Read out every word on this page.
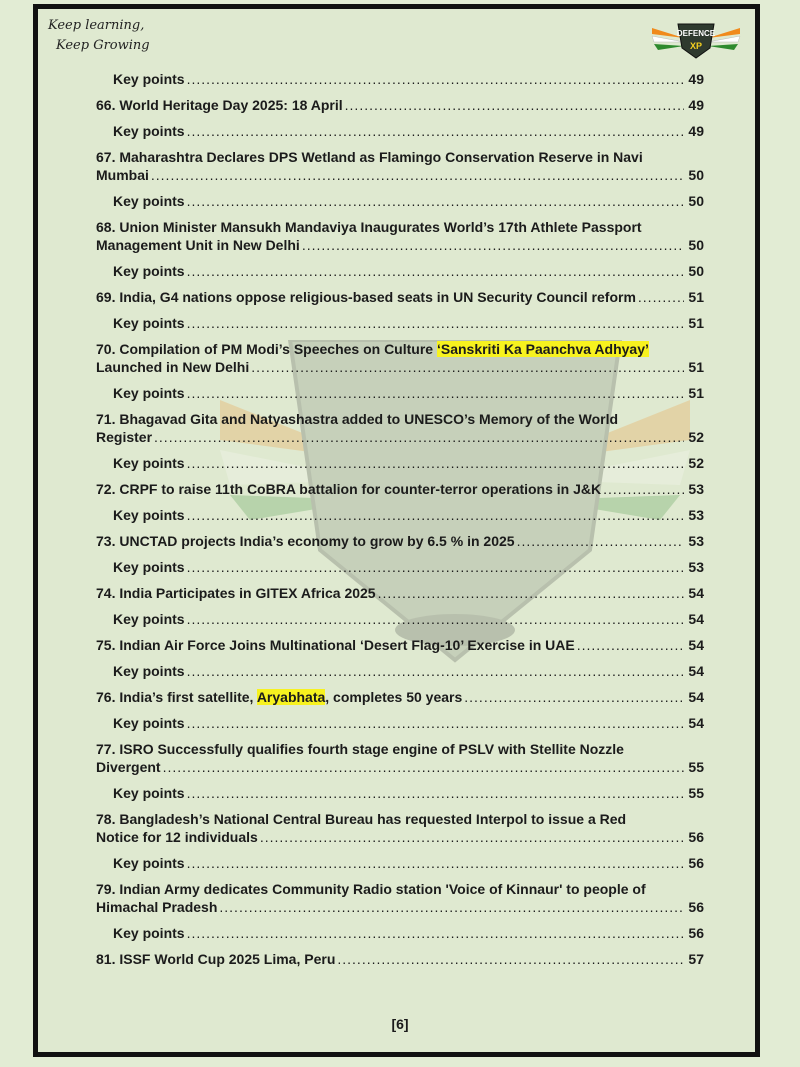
Keep learning,
Keep Growing
DEFENCE
XP
Key points .....	49
66. World Heritage Day 2025: 18 April .....	49
Key points .....	49
67. Maharashtra Declares DPS Wetland as Flamingo Conservation Reserve in Navi
Mumbai .....	50
Key points .....	50
68. Union Minister Mansukh Mandaviya Inaugurates World’s 17th Athlete Passport
Management Unit in New Delhi .....	50
Key points .....	50
69. India, G4 nations oppose religious-based seats in UN Security Council reform .....	51
Key points .....	51
70. Compilation of PM Modi’s Speeches on Culture ‘Sanskriti Ka Paanchva Adhyay’
Launched in New Delhi .....	51
Key points .....	51
71. Bhagavad Gita and Natyashastra added to UNESCO’s Memory of the World
Register .....	52
Key points .....	52
72. CRPF to raise 11th CoBRA battalion for counter-terror operations in J&K .....	53
Key points .....	53
73. UNCTAD projects India’s economy to grow by 6.5 % in 2025 .....	53
Key points .....	53
74. India Participates in GITEX Africa 2025 .....	54
Key points .....	54
75. Indian Air Force Joins Multinational ‘Desert Flag-10’ Exercise in UAE .....	54
Key points .....	54
76. India’s first satellite, Aryabhata, completes 50 years .....	54
Key points .....	54
77. ISRO Successfully qualifies fourth stage engine of PSLV with Stellite Nozzle
Divergent .....	55
Key points .....	55
78. Bangladesh’s National Central Bureau has requested Interpol to issue a Red
Notice for 12 individuals .....	56
Key points .....	56
79. Indian Army dedicates Community Radio station 'Voice of Kinnaur' to people of
Himachal Pradesh .....	56
Key points .....	56
81. ISSF World Cup 2025 Lima, Peru .....	57
[6]
